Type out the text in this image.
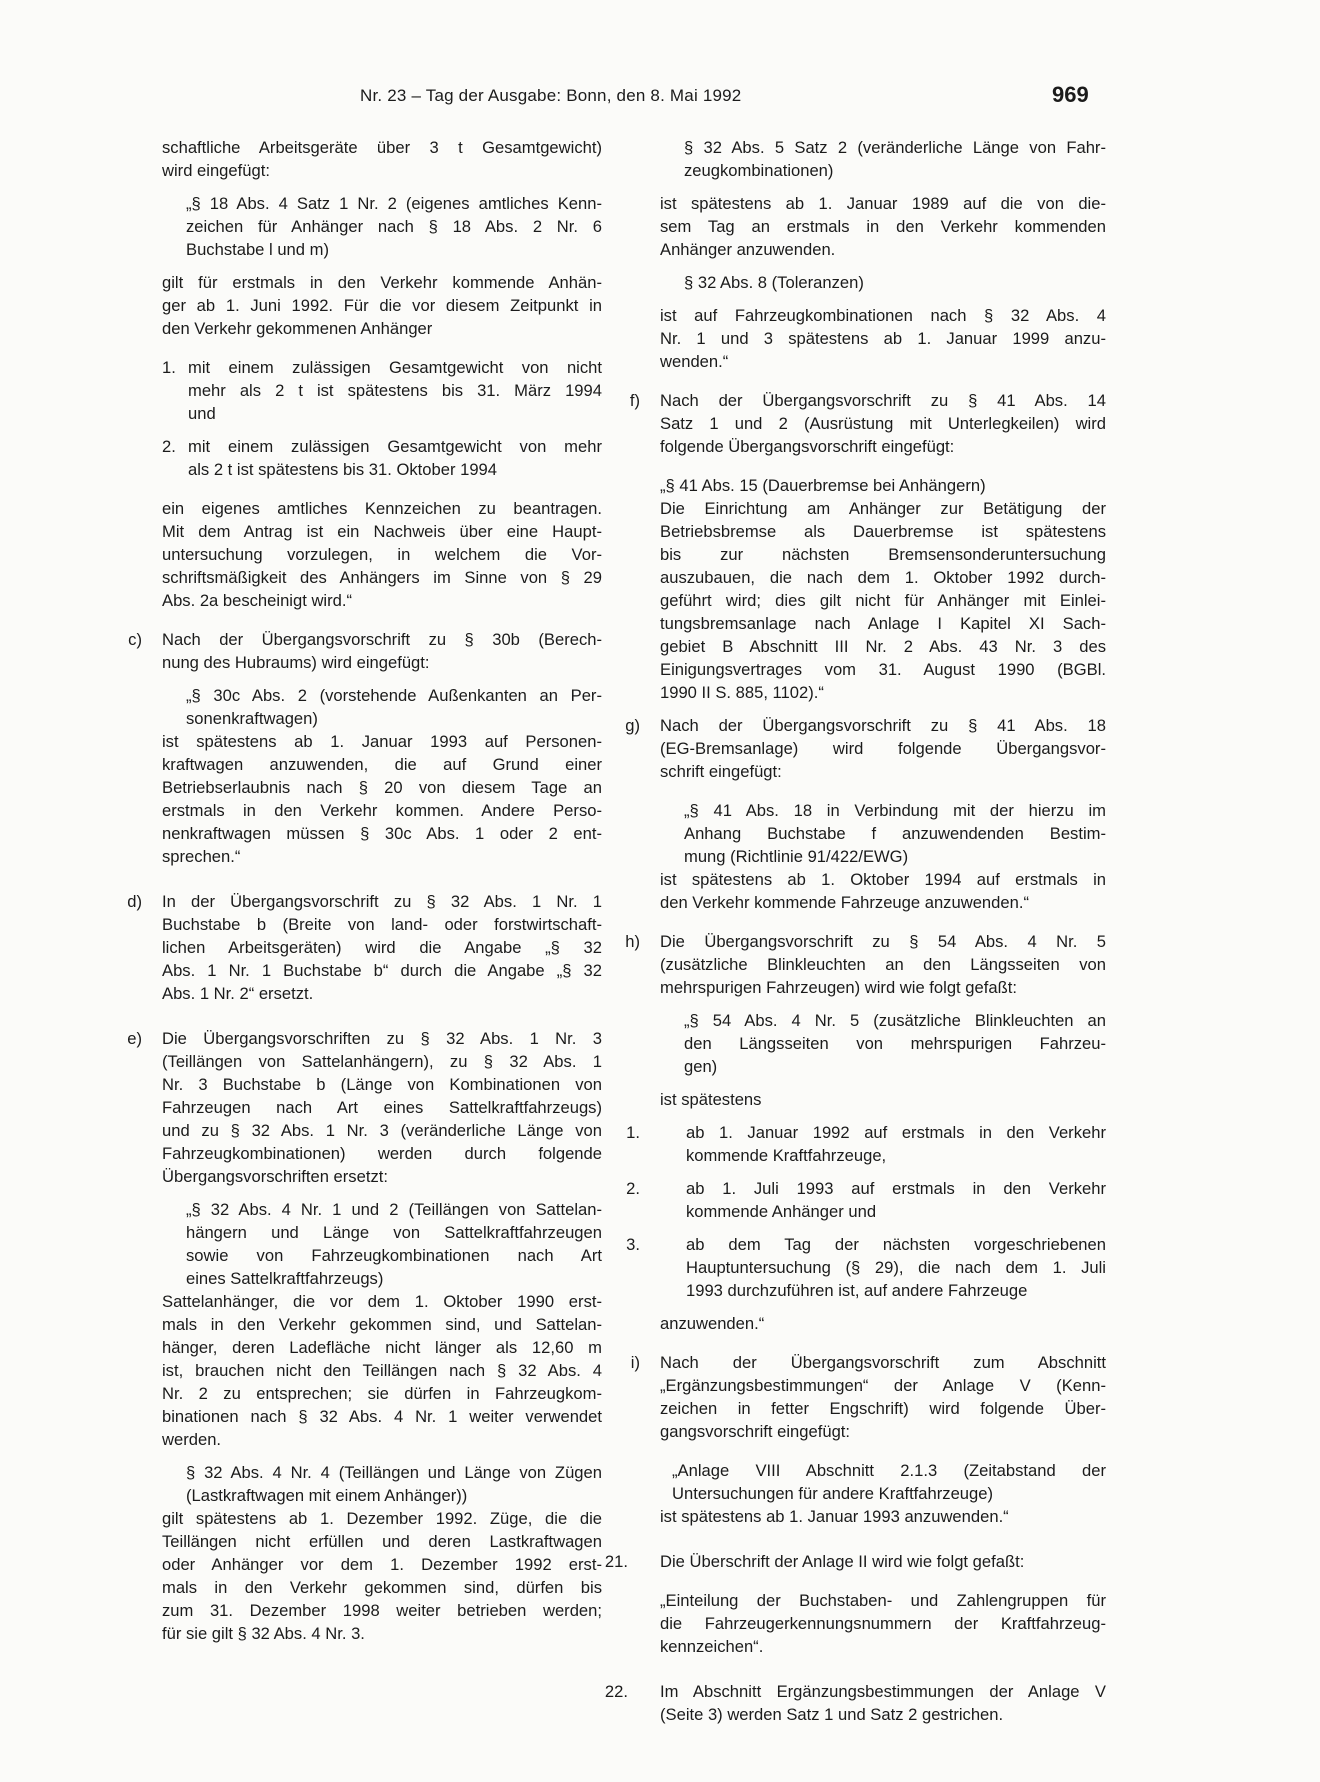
Nr. 23 – Tag der Ausgabe: Bonn, den 8. Mai 1992	969

schaftliche Arbeitsgeräte über 3 t Gesamtgewicht)
wird eingefügt:

„§ 18 Abs. 4 Satz 1 Nr. 2 (eigenes amtliches Kenn-
zeichen für Anhänger nach § 18 Abs. 2 Nr. 6
Buchstabe l und m)

gilt für erstmals in den Verkehr kommende Anhän-
ger ab 1. Juni 1992. Für die vor diesem Zeitpunkt in
den Verkehr gekommenen Anhänger

1. mit einem zulässigen Gesamtgewicht von nicht
mehr als 2 t ist spätestens bis 31. März 1994
und

2. mit einem zulässigen Gesamtgewicht von mehr
als 2 t ist spätestens bis 31. Oktober 1994

ein eigenes amtliches Kennzeichen zu beantragen.
Mit dem Antrag ist ein Nachweis über eine Haupt-
untersuchung vorzulegen, in welchem die Vor-
schriftsmäßigkeit des Anhängers im Sinne von § 29
Abs. 2a bescheinigt wird.“

c) Nach der Übergangsvorschrift zu § 30b (Berech-
nung des Hubraums) wird eingefügt:

„§ 30c Abs. 2 (vorstehende Außenkanten an Per-
sonenkraftwagen)

ist spätestens ab 1. Januar 1993 auf Personen-
kraftwagen anzuwenden, die auf Grund einer
Betriebserlaubnis nach § 20 von diesem Tage an
erstmals in den Verkehr kommen. Andere Perso-
nenkraftwagen müssen § 30c Abs. 1 oder 2 ent-
sprechen.“

d) In der Übergangsvorschrift zu § 32 Abs. 1 Nr. 1
Buchstabe b (Breite von land- oder forstwirtschaft-
lichen Arbeitsgeräten) wird die Angabe „§ 32
Abs. 1 Nr. 1 Buchstabe b“ durch die Angabe „§ 32
Abs. 1 Nr. 2“ ersetzt.

e) Die Übergangsvorschriften zu § 32 Abs. 1 Nr. 3
(Teillängen von Sattelanhängern), zu § 32 Abs. 1
Nr. 3 Buchstabe b (Länge von Kombinationen von
Fahrzeugen nach Art eines Sattelkraftfahrzeugs)
und zu § 32 Abs. 1 Nr. 3 (veränderliche Länge von
Fahrzeugkombinationen) werden durch folgende
Übergangsvorschriften ersetzt:

„§ 32 Abs. 4 Nr. 1 und 2 (Teillängen von Sattelan-
hängern und Länge von Sattelkraftfahrzeugen
sowie von Fahrzeugkombinationen nach Art
eines Sattelkraftfahrzeugs)

Sattelanhänger, die vor dem 1. Oktober 1990 erst-
mals in den Verkehr gekommen sind, und Sattelan-
hänger, deren Ladefläche nicht länger als 12,60 m
ist, brauchen nicht den Teillängen nach § 32 Abs. 4
Nr. 2 zu entsprechen; sie dürfen in Fahrzeugkom-
binationen nach § 32 Abs. 4 Nr. 1 weiter verwendet
werden.

§ 32 Abs. 4 Nr. 4 (Teillängen und Länge von Zügen
(Lastkraftwagen mit einem Anhänger))

gilt spätestens ab 1. Dezember 1992. Züge, die die
Teillängen nicht erfüllen und deren Lastkraftwagen
oder Anhänger vor dem 1. Dezember 1992 erst-
mals in den Verkehr gekommen sind, dürfen bis
zum 31. Dezember 1998 weiter betrieben werden;
für sie gilt § 32 Abs. 4 Nr. 3.

§ 32 Abs. 5 Satz 2 (veränderliche Länge von Fahr-
zeugkombinationen)

ist spätestens ab 1. Januar 1989 auf die von die-
sem Tag an erstmals in den Verkehr kommenden
Anhänger anzuwenden.

§ 32 Abs. 8 (Toleranzen)

ist auf Fahrzeugkombinationen nach § 32 Abs. 4
Nr. 1 und 3 spätestens ab 1. Januar 1999 anzu-
wenden.“

f) Nach der Übergangsvorschrift zu § 41 Abs. 14
Satz 1 und 2 (Ausrüstung mit Unterlegkeilen) wird
folgende Übergangsvorschrift eingefügt:

„§ 41 Abs. 15 (Dauerbremse bei Anhängern)

Die Einrichtung am Anhänger zur Betätigung der
Betriebsbremse als Dauerbremse ist spätestens
bis zur nächsten Bremsensonderuntersuchung
auszubauen, die nach dem 1. Oktober 1992 durch-
geführt wird; dies gilt nicht für Anhänger mit Einlei-
tungsbremsanlage nach Anlage I Kapitel XI Sach-
gebiet B Abschnitt III Nr. 2 Abs. 43 Nr. 3 des
Einigungsvertrages vom 31. August 1990 (BGBl.
1990 II S. 885, 1102).“

g) Nach der Übergangsvorschrift zu § 41 Abs. 18
(EG-Bremsanlage) wird folgende Übergangsvor-
schrift eingefügt:

„§ 41 Abs. 18 in Verbindung mit der hierzu im
Anhang Buchstabe f anzuwendenden Bestim-
mung (Richtlinie 91/422/EWG)

ist spätestens ab 1. Oktober 1994 auf erstmals in
den Verkehr kommende Fahrzeuge anzuwenden.“

h) Die Übergangsvorschrift zu § 54 Abs. 4 Nr. 5
(zusätzliche Blinkleuchten an den Längsseiten von
mehrspurigen Fahrzeugen) wird wie folgt gefaßt:

„§ 54 Abs. 4 Nr. 5 (zusätzliche Blinkleuchten an
den Längsseiten von mehrspurigen Fahrzeu-
gen)

ist spätestens

1.	ab 1. Januar 1992 auf erstmals in den Verkehr
kommende Kraftfahrzeuge,

2.	ab 1. Juli 1993 auf erstmals in den Verkehr
kommende Anhänger und

3.	ab dem Tag der nächsten vorgeschriebenen
Hauptuntersuchung (§ 29), die nach dem 1. Juli
1993 durchzuführen ist, auf andere Fahrzeuge

anzuwenden.“

i) Nach der Übergangsvorschrift zum Abschnitt
„Ergänzungsbestimmungen“ der Anlage V (Kenn-
zeichen in fetter Engschrift) wird folgende Über-
gangsvorschrift eingefügt:

„Anlage VIII Abschnitt 2.1.3 (Zeitabstand der
Untersuchungen für andere Kraftfahrzeuge)

ist spätestens ab 1. Januar 1993 anzuwenden.“

21. Die Überschrift der Anlage II wird wie folgt gefaßt:

„Einteilung der Buchstaben- und Zahlengruppen für
die Fahrzeugerkennungsnummern der Kraftfahrzeug-
kennzeichen“.

22. Im Abschnitt Ergänzungsbestimmungen der Anlage V
(Seite 3) werden Satz 1 und Satz 2 gestrichen.
